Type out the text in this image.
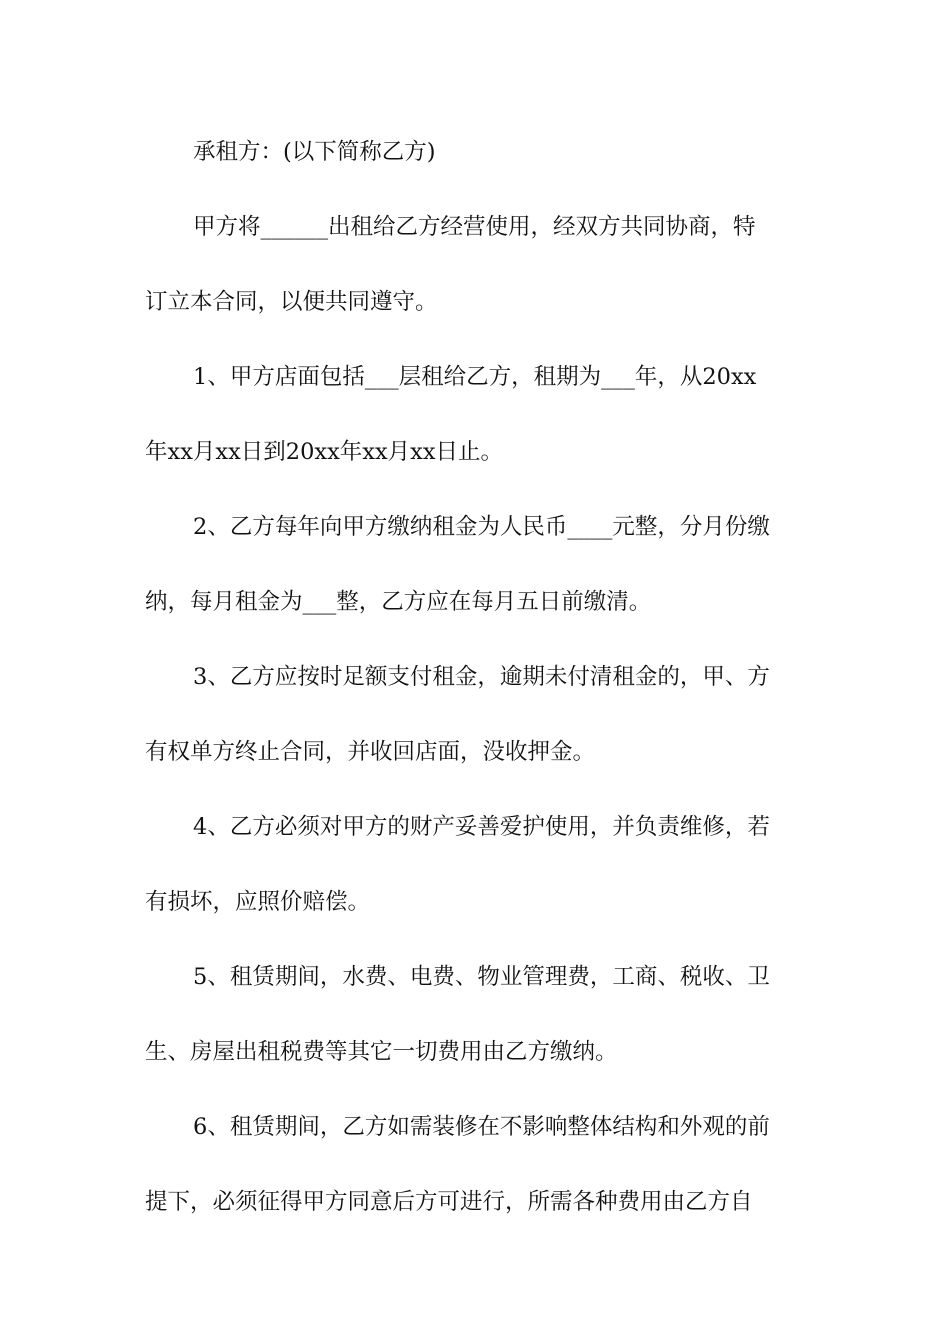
承租方：(以下简称乙方)
甲方将______出租给乙方经营使用，经双方共同协商，特
订立本合同，以便共同遵守。
1、甲方店面包括___层租给乙方，租期为___年，从20xx
年xx月xx日到20xx年xx月xx日止。
2、乙方每年向甲方缴纳租金为人民币____元整，分月份缴
纳，每月租金为___整，乙方应在每月五日前缴清。
3、乙方应按时足额支付租金，逾期未付清租金的，甲、方
有权单方终止合同，并收回店面，没收押金。
4、乙方必须对甲方的财产妥善爱护使用，并负责维修，若
有损坏，应照价赔偿。
5、租赁期间，水费、电费、物业管理费，工商、税收、卫
生、房屋出租税费等其它一切费用由乙方缴纳。
6、租赁期间，乙方如需装修在不影响整体结构和外观的前
提下，必须征得甲方同意后方可进行，所需各种费用由乙方自
